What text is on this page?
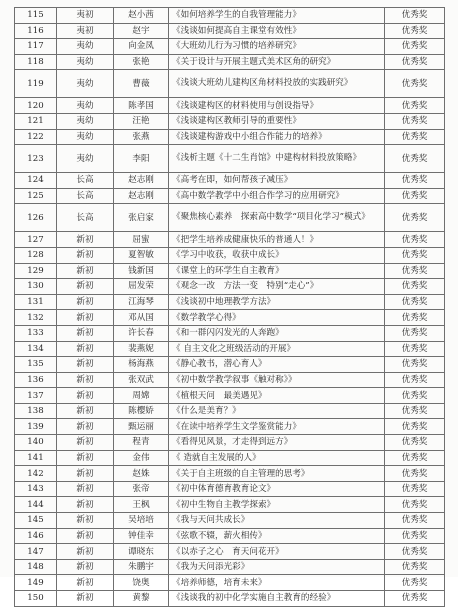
115	夷初	赵小茜	《如何培养学生的自我管理能力》	优秀奖
116	夷初	赵宇	《浅谈如何提高自主课堂有效性》	优秀奖
117	夷幼	向金凤	《大班幼儿行为习惯的培养研究》	优秀奖
118	夷幼	张艳	《关于设计与开展主题式美术区角的研究》	优秀奖
119	夷幼	曹薇	《浅谈大班幼儿建构区角材料投放的实践研究》	优秀奖
120	夷幼	陈孝国	《浅谈建构区的材料使用与创设指导》	优秀奖
121	夷幼	汪艳	《浅谈建构区教师引导的重要性》	优秀奖
122	夷幼	张燕	《浅谈建构游戏中小组合作能力的培养》	优秀奖
123	夷幼	李阳	《浅析主题《十二生肖馆》中建构材料投放策略》	优秀奖
124	长高	赵志刚	《高考在即，如何帮孩子减压》	优秀奖
125	长高	赵志刚	《高中数学教学中小组合作学习的应用研究》	优秀奖
126	长高	张启家	《聚焦核心素养　探索高中数学“项目化学习”模式》	优秀奖
127	新初	屈蜜	《把学生培养成健康快乐的普通人！》	优秀奖
128	新初	夏智敏	《学习中收获，收获中成长》	优秀奖
129	新初	钱新国	《课堂上的环学生自主教育》	优秀奖
130	新初	屈发荣	《观念一改　方法一变　特别“走心”》	优秀奖
131	新初	江海琴	《浅谈初中地理教学方法》	优秀奖
132	新初	邓从国	《数学教学心得》	优秀奖
133	新初	许长春	《和一群闪闪发光的人奔跑》	优秀奖
134	新初	裴燕妮	《 自主文化之班级活动的开展》	优秀奖
135	新初	杨海燕	《静心教书，潜心育人》	优秀奖
136	新初	张双武	《初中数学教学叙事《触对称》》	优秀奖
137	新初	周嫦	《植根天问　最美遇见》	优秀奖
138	新初	陈樱娇	《什么是美育？》	优秀奖
139	新初	甄运丽	《在读中培养学生文学鉴赏能力》	优秀奖
140	新初	程青	《看得见风景，才走得到远方》	优秀奖
141	新初	金伟	《 造就自主发展的人》	优秀奖
142	新初	赵姝	《关于自主班级的自主管理的思考》	优秀奖
143	新初	张帝	《初中体育德育教育论文》	优秀奖
144	新初	王枫	《初中生物自主教学探索》	优秀奖
145	新初	吴培培	《我与天问共成长》	优秀奖
146	新初	钟佳幸	《弦歌不辍，薪火相传》	优秀奖
147	新初	谭晓东	《以赤子之心　育天问花开》	优秀奖
148	新初	朱鹏宇	《我为天问添光彩》	优秀奖
149	新初	饶奥	《培养师德，培育未来》	优秀奖
150	新初	黄黎	《浅谈我的初中化学实施自主教育的经验》	优秀奖
